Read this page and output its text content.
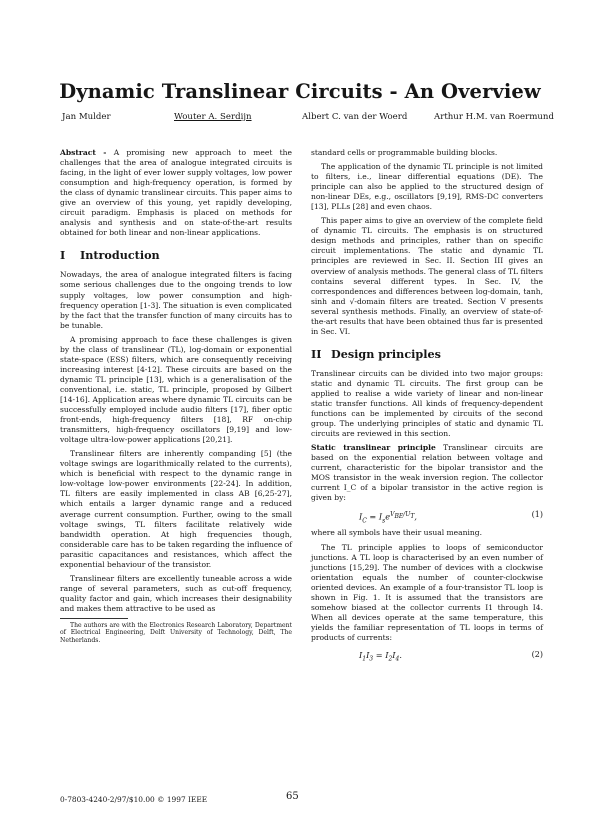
Dynamic Translinear Circuits - An Overview
Jan Mulder	Wouter A. Serdijn	Albert C. van der Woerd	Arthur H.M. van Roermund

Abstract - A promising new approach to meet the challenges that the area of analogue integrated circuits is facing, in the light of ever lower supply voltages, low power consumption and high-frequency operation, is formed by the class of dynamic translinear circuits. This paper aims to give an overview of this young, yet rapidly developing, circuit paradigm. Emphasis is placed on methods for analysis and synthesis and on state-of-the-art results obtained for both linear and non-linear applications.

I Introduction

Nowadays, the area of analogue integrated filters is facing some serious challenges due to the ongoing trends to low supply voltages, low power consumption and high-frequency operation [1-3]. The situation is even complicated by the fact that the transfer function of many circuits has to be tunable.

A promising approach to face these challenges is given by the class of translinear (TL), log-domain or exponential state-space (ESS) filters, which are consequently receiving increasing interest [4-12]. These circuits are based on the dynamic TL principle [13], which is a generalisation of the conventional, i.e. static, TL principle, proposed by Gilbert [14-16]. Application areas where dynamic TL circuits can be successfully employed include audio filters [17], fiber optic front-ends, high-frequency filters [18], RF on-chip transmitters, high-frequency oscillators [9,19] and low-voltage ultra-low-power applications [20,21].

Translinear filters are inherently companding [5] (the voltage swings are logarithmically related to the currents), which is beneficial with respect to the dynamic range in low-voltage low-power environments [22-24]. In addition, TL filters are easily implemented in class AB [6,25-27], which entails a larger dynamic range and a reduced average current consumption. Further, owing to the small voltage swings, TL filters facilitate relatively wide bandwidth operation. At high frequencies though, considerable care has to be taken regarding the influence of parasitic capacitances and resistances, which affect the exponential behaviour of the transistor.

Translinear filters are excellently tuneable across a wide range of several parameters, such as cut-off frequency, quality factor and gain, which increases their designability and makes them attractive to be used as

The authors are with the Electronics Research Laboratory, Department of Electrical Engineering, Delft University of Technology, Delft, The Netherlands.

standard cells or programmable building blocks.

The application of the dynamic TL principle is not limited to filters, i.e., linear differential equations (DE). The principle can also be applied to the structured design of non-linear DEs, e.g., oscillators [9,19], RMS-DC converters [13], PLLs [28] and even chaos.

This paper aims to give an overview of the complete field of dynamic TL circuits. The emphasis is on structured design methods and principles, rather than on specific circuit implementations. The static and dynamic TL principles are reviewed in Sec. II. Section III gives an overview of analysis methods. The general class of TL filters contains several different types. In Sec. IV, the correspondences and differences between log-domain, tanh, sinh and √-domain filters are treated. Section V presents several synthesis methods. Finally, an overview of state-of-the-art results that have been obtained thus far is presented in Sec. VI.

II Design principles

Translinear circuits can be divided into two major groups: static and dynamic TL circuits. The first group can be applied to realise a wide variety of linear and non-linear static transfer functions. All kinds of frequency-dependent functions can be implemented by circuits of the second group. The underlying principles of static and dynamic TL circuits are reviewed in this section.

Static translinear principle Translinear circuits are based on the exponential relation between voltage and current, characteristic for the bipolar transistor and the MOS transistor in the weak inversion region. The collector current I_C of a bipolar transistor in the active region is given by:

$I_C = I_se^{V_{BE}/U_T}$,	(1)

where all symbols have their usual meaning.

The TL principle applies to loops of semiconductor junctions. A TL loop is characterised by an even number of junctions [15,29]. The number of devices with a clockwise orientation equals the number of counter-clockwise oriented devices. An example of a four-transistor TL loop is shown in Fig. 1. It is assumed that the transistors are somehow biased at the collector currents I1 through I4. When all devices operate at the same temperature, this yields the familiar representation of TL loops in terms of products of currents:

$I_1I_3 = I_2I_4$.	(2)
65
0-7803-4240-2/97/$10.00 © 1997 IEEE
